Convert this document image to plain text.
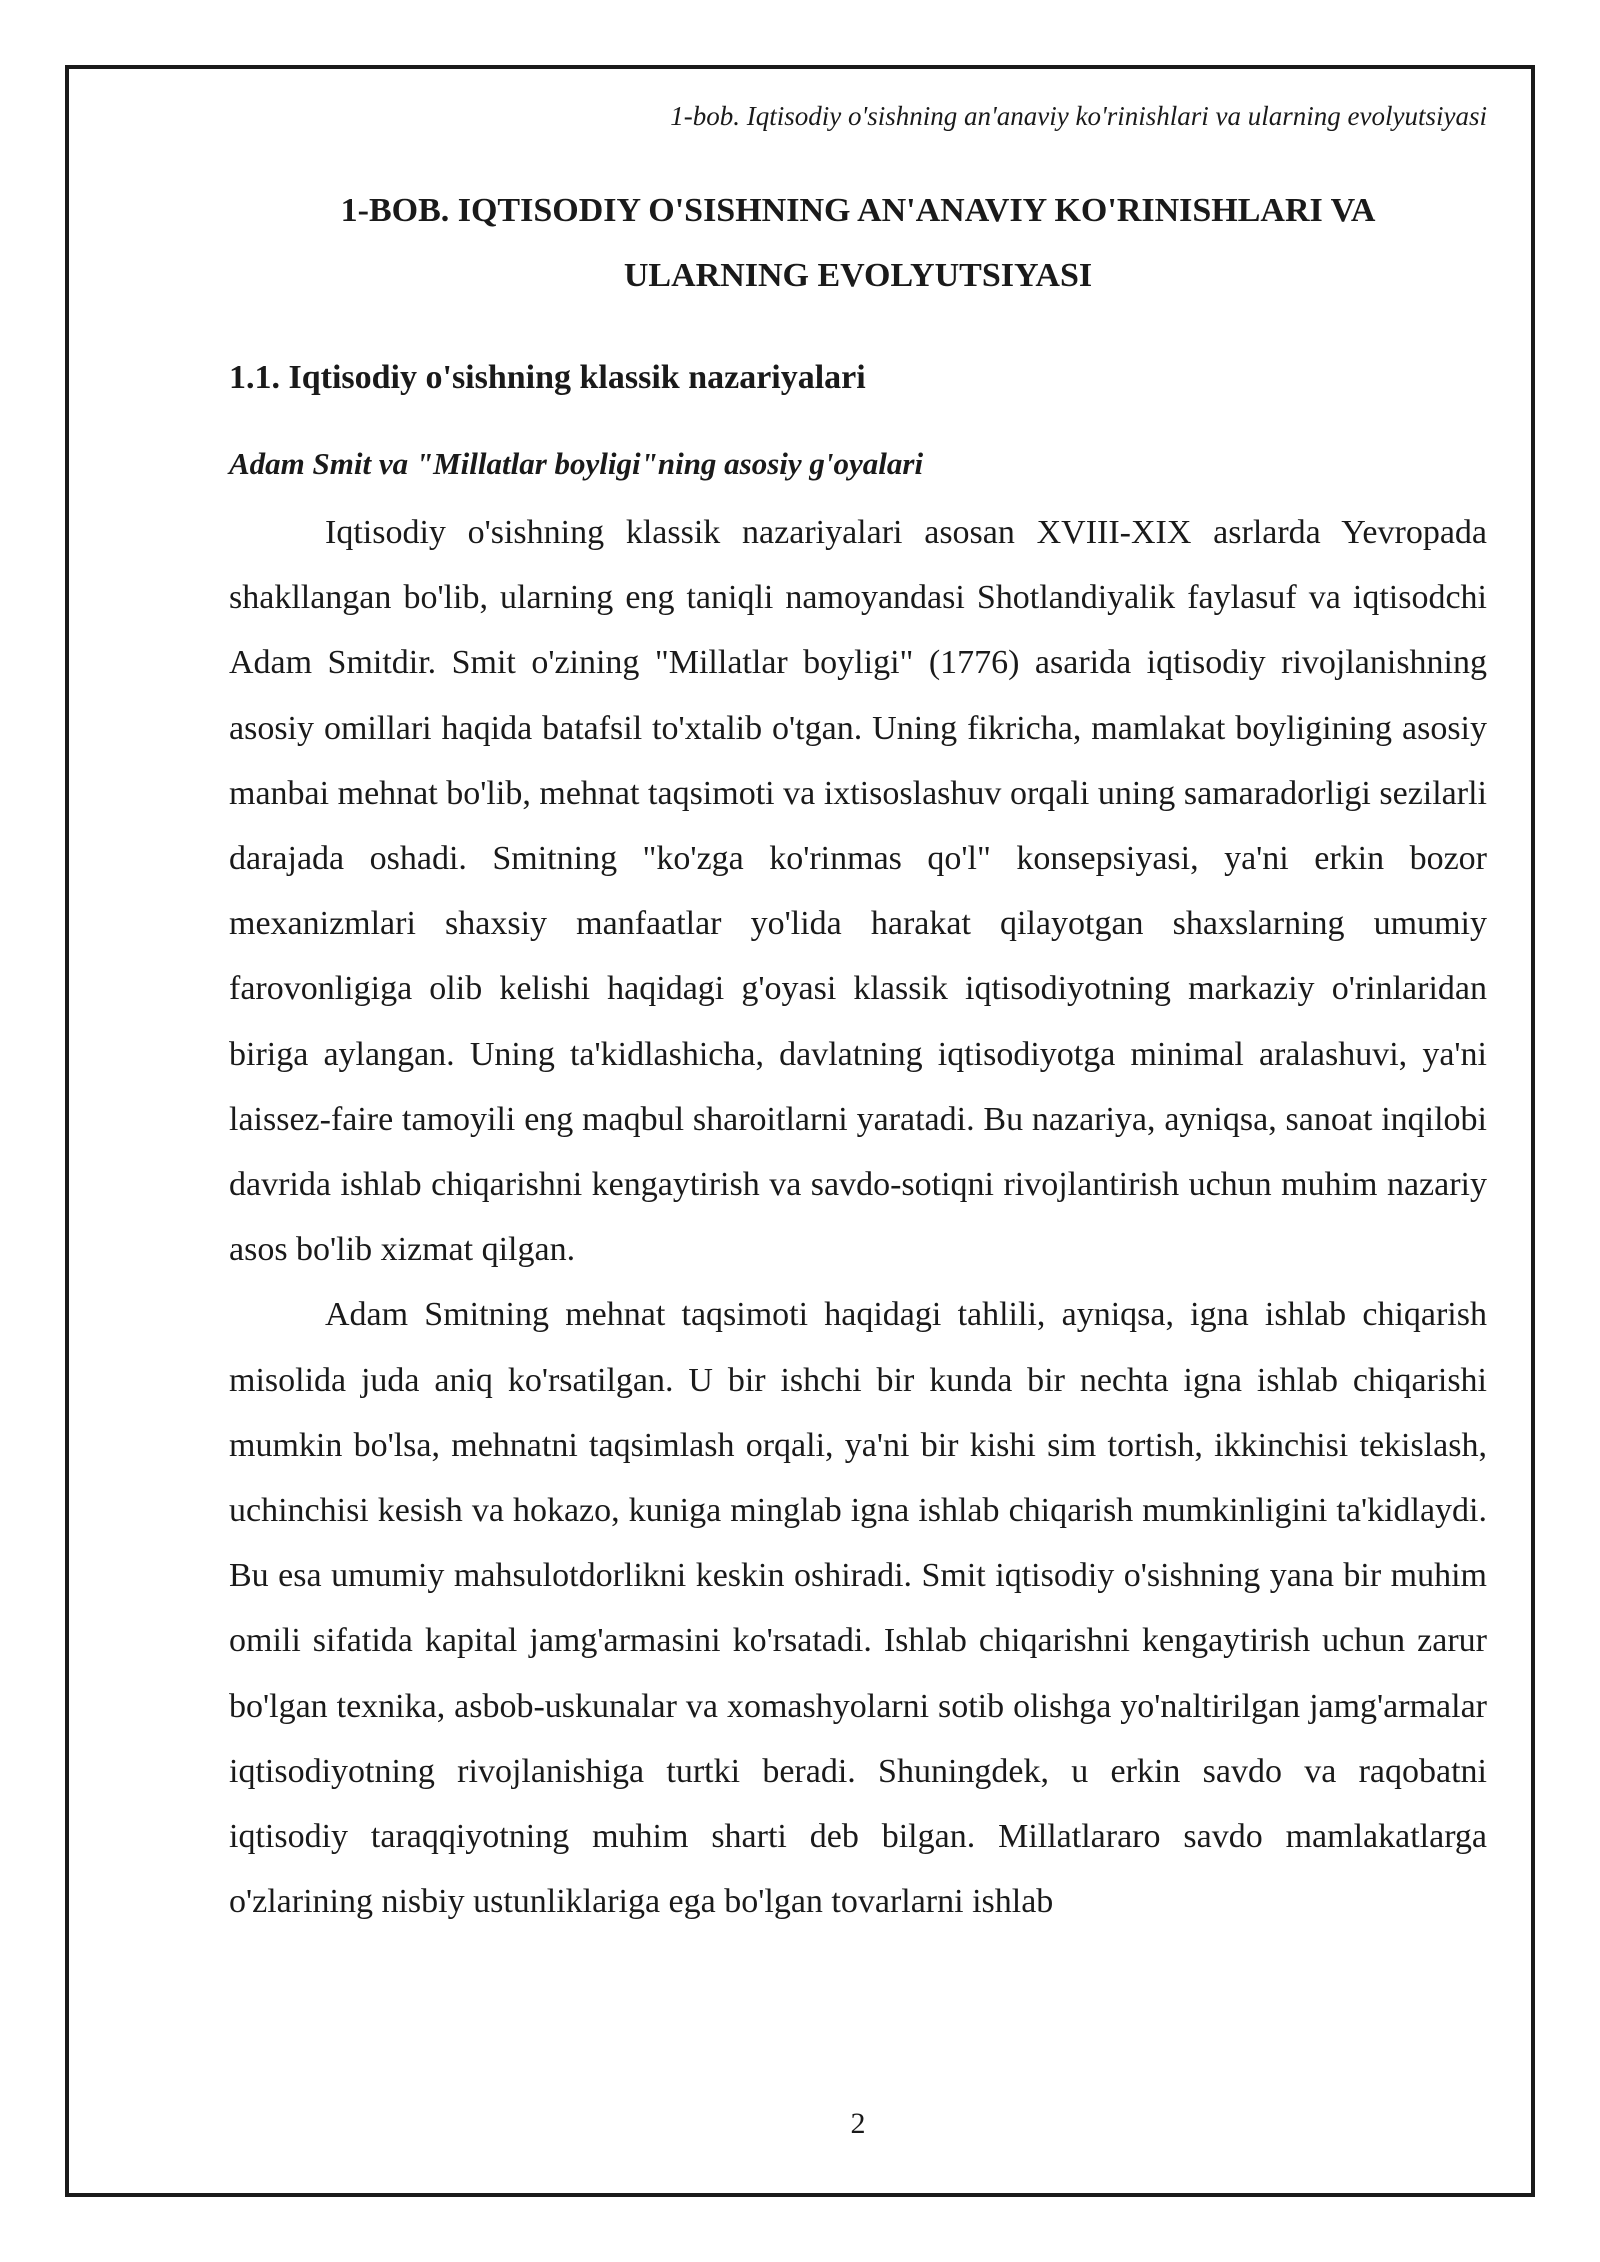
1-bob. Iqtisodiy o'sishning an'anaviy ko'rinishlari va ularning evolyutsiyasi

1-BOB. IQTISODIY O'SISHNING AN'ANAVIY KO'RINISHLARI VA
ULARNING EVOLYUTSIYASI
1.1. Iqtisodiy o'sishning klassik nazariyalari
Adam Smit va "Millatlar boyligi"ning asosiy g'oyalari

Iqtisodiy o'sishning klassik nazariyalari asosan XVIII-XIX asrlarda Yevropada shakllangan bo'lib, ularning eng taniqli namoyandasi Shotlandiyalik faylasuf va iqtisodchi Adam Smitdir. Smit o'zining "Millatlar boyligi" (1776) asarida iqtisodiy rivojlanishning asosiy omillari haqida batafsil to'xtalib o'tgan. Uning fikricha, mamlakat boyligining asosiy manbai mehnat bo'lib, mehnat taqsimoti va ixtisoslashuv orqali uning samaradorligi sezilarli darajada oshadi. Smitning "ko'zga ko'rinmas qo'l" konsepsiyasi, ya'ni erkin bozor mexanizmlari shaxsiy manfaatlar yo'lida harakat qilayotgan shaxslarning umumiy farovonligiga olib kelishi haqidagi g'oyasi klassik iqtisodiyotning markaziy o'rinlaridan biriga aylangan. Uning ta'kidlashicha, davlatning iqtisodiyotga minimal aralashuvi, ya'ni laissez-faire tamoyili eng maqbul sharoitlarni yaratadi. Bu nazariya, ayniqsa, sanoat inqilobi davrida ishlab chiqarishni kengaytirish va savdo-sotiqni rivojlantirish uchun muhim nazariy asos bo'lib xizmat qilgan.

Adam Smitning mehnat taqsimoti haqidagi tahlili, ayniqsa, igna ishlab chiqarish misolida juda aniq ko'rsatilgan. U bir ishchi bir kunda bir nechta igna ishlab chiqarishi mumkin bo'lsa, mehnatni taqsimlash orqali, ya'ni bir kishi sim tortish, ikkinchisi tekislash, uchinchisi kesish va hokazo, kuniga minglab igna ishlab chiqarish mumkinligini ta'kidlaydi. Bu esa umumiy mahsulotdorlikni keskin oshiradi. Smit iqtisodiy o'sishning yana bir muhim omili sifatida kapital jamg'armasini ko'rsatadi. Ishlab chiqarishni kengaytirish uchun zarur bo'lgan texnika, asbob-uskunalar va xomashyolarni sotib olishga yo'naltirilgan jamg'armalar iqtisodiyotning rivojlanishiga turtki beradi. Shuningdek, u erkin savdo va raqobatni iqtisodiy taraqqiyotning muhim sharti deb bilgan. Millatlararo savdo mamlakatlarga o'zlarining nisbiy ustunliklariga ega bo'lgan tovarlarni ishlab

2
